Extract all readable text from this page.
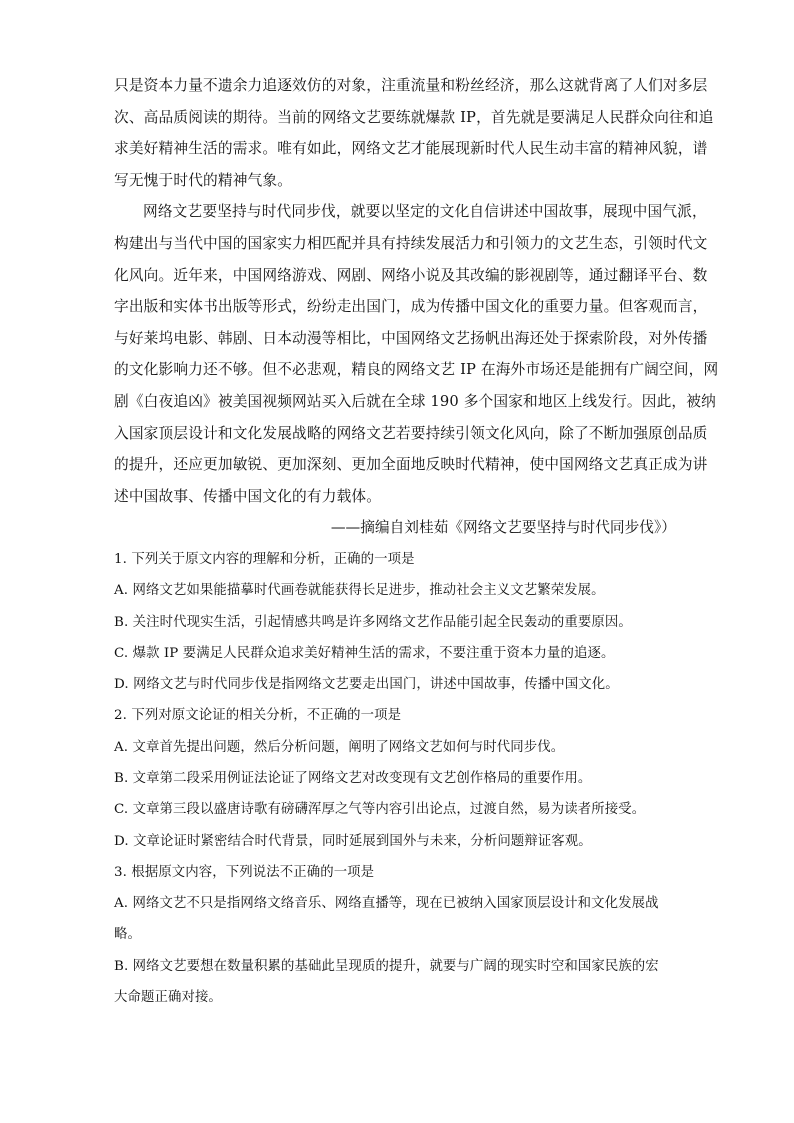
只是资本力量不遗余力追逐效仿的对象，注重流量和粉丝经济，那么这就背离了人们对多层
次、高品质阅读的期待。当前的网络文艺要练就爆款 IP，首先就是要满足人民群众向往和追
求美好精神生活的需求。唯有如此，网络文艺才能展现新时代人民生动丰富的精神风貌，谱
写无愧于时代的精神气象。
网络文艺要坚持与时代同步伐，就要以坚定的文化自信讲述中国故事，展现中国气派，
构建出与当代中国的国家实力相匹配并具有持续发展活力和引领力的文艺生态，引领时代文
化风向。近年来，中国网络游戏、网剧、网络小说及其改编的影视剧等，通过翻译平台、数
字出版和实体书出版等形式，纷纷走出国门，成为传播中国文化的重要力量。但客观而言，
与好莱坞电影、韩剧、日本动漫等相比，中国网络文艺扬帆出海还处于探索阶段，对外传播
的文化影响力还不够。但不必悲观，精良的网络文艺 IP 在海外市场还是能拥有广阔空间，网
剧《白夜追凶》被美国视频网站买入后就在全球 190 多个国家和地区上线发行。因此，被纳
入国家顶层设计和文化发展战略的网络文艺若要持续引领文化风向，除了不断加强原创品质
的提升，还应更加敏锐、更加深刻、更加全面地反映时代精神，使中国网络文艺真正成为讲
述中国故事、传播中国文化的有力载体。
——摘编自刘桂茹《网络文艺要坚持与时代同步伐》）
1. 下列关于原文内容的理解和分析，正确的一项是
A. 网络文艺如果能描摹时代画卷就能获得长足进步，推动社会主义文艺繁荣发展。
B. 关注时代现实生活，引起情感共鸣是许多网络文艺作品能引起全民轰动的重要原因。
C. 爆款 IP 要满足人民群众追求美好精神生活的需求，不要注重于资本力量的追逐。
D. 网络文艺与时代同步伐是指网络文艺要走出国门，讲述中国故事，传播中国文化。
2. 下列对原文论证的相关分析，不正确的一项是
A. 文章首先提出问题，然后分析问题，阐明了网络文艺如何与时代同步伐。
B. 文章第二段采用例证法论证了网络文艺对改变现有文艺创作格局的重要作用。
C. 文章第三段以盛唐诗歌有磅礴浑厚之气等内容引出论点，过渡自然，易为读者所接受。
D. 文章论证时紧密结合时代背景，同时延展到国外与未来，分析问题辩证客观。
3. 根据原文内容，下列说法不正确的一项是
A. 网络文艺不只是指网络文络音乐、网络直播等，现在已被纳入国家顶层设计和文化发展战
略。
B. 网络文艺要想在数量积累的基础此呈现质的提升，就要与广阔的现实时空和国家民族的宏
大命题正确对接。
